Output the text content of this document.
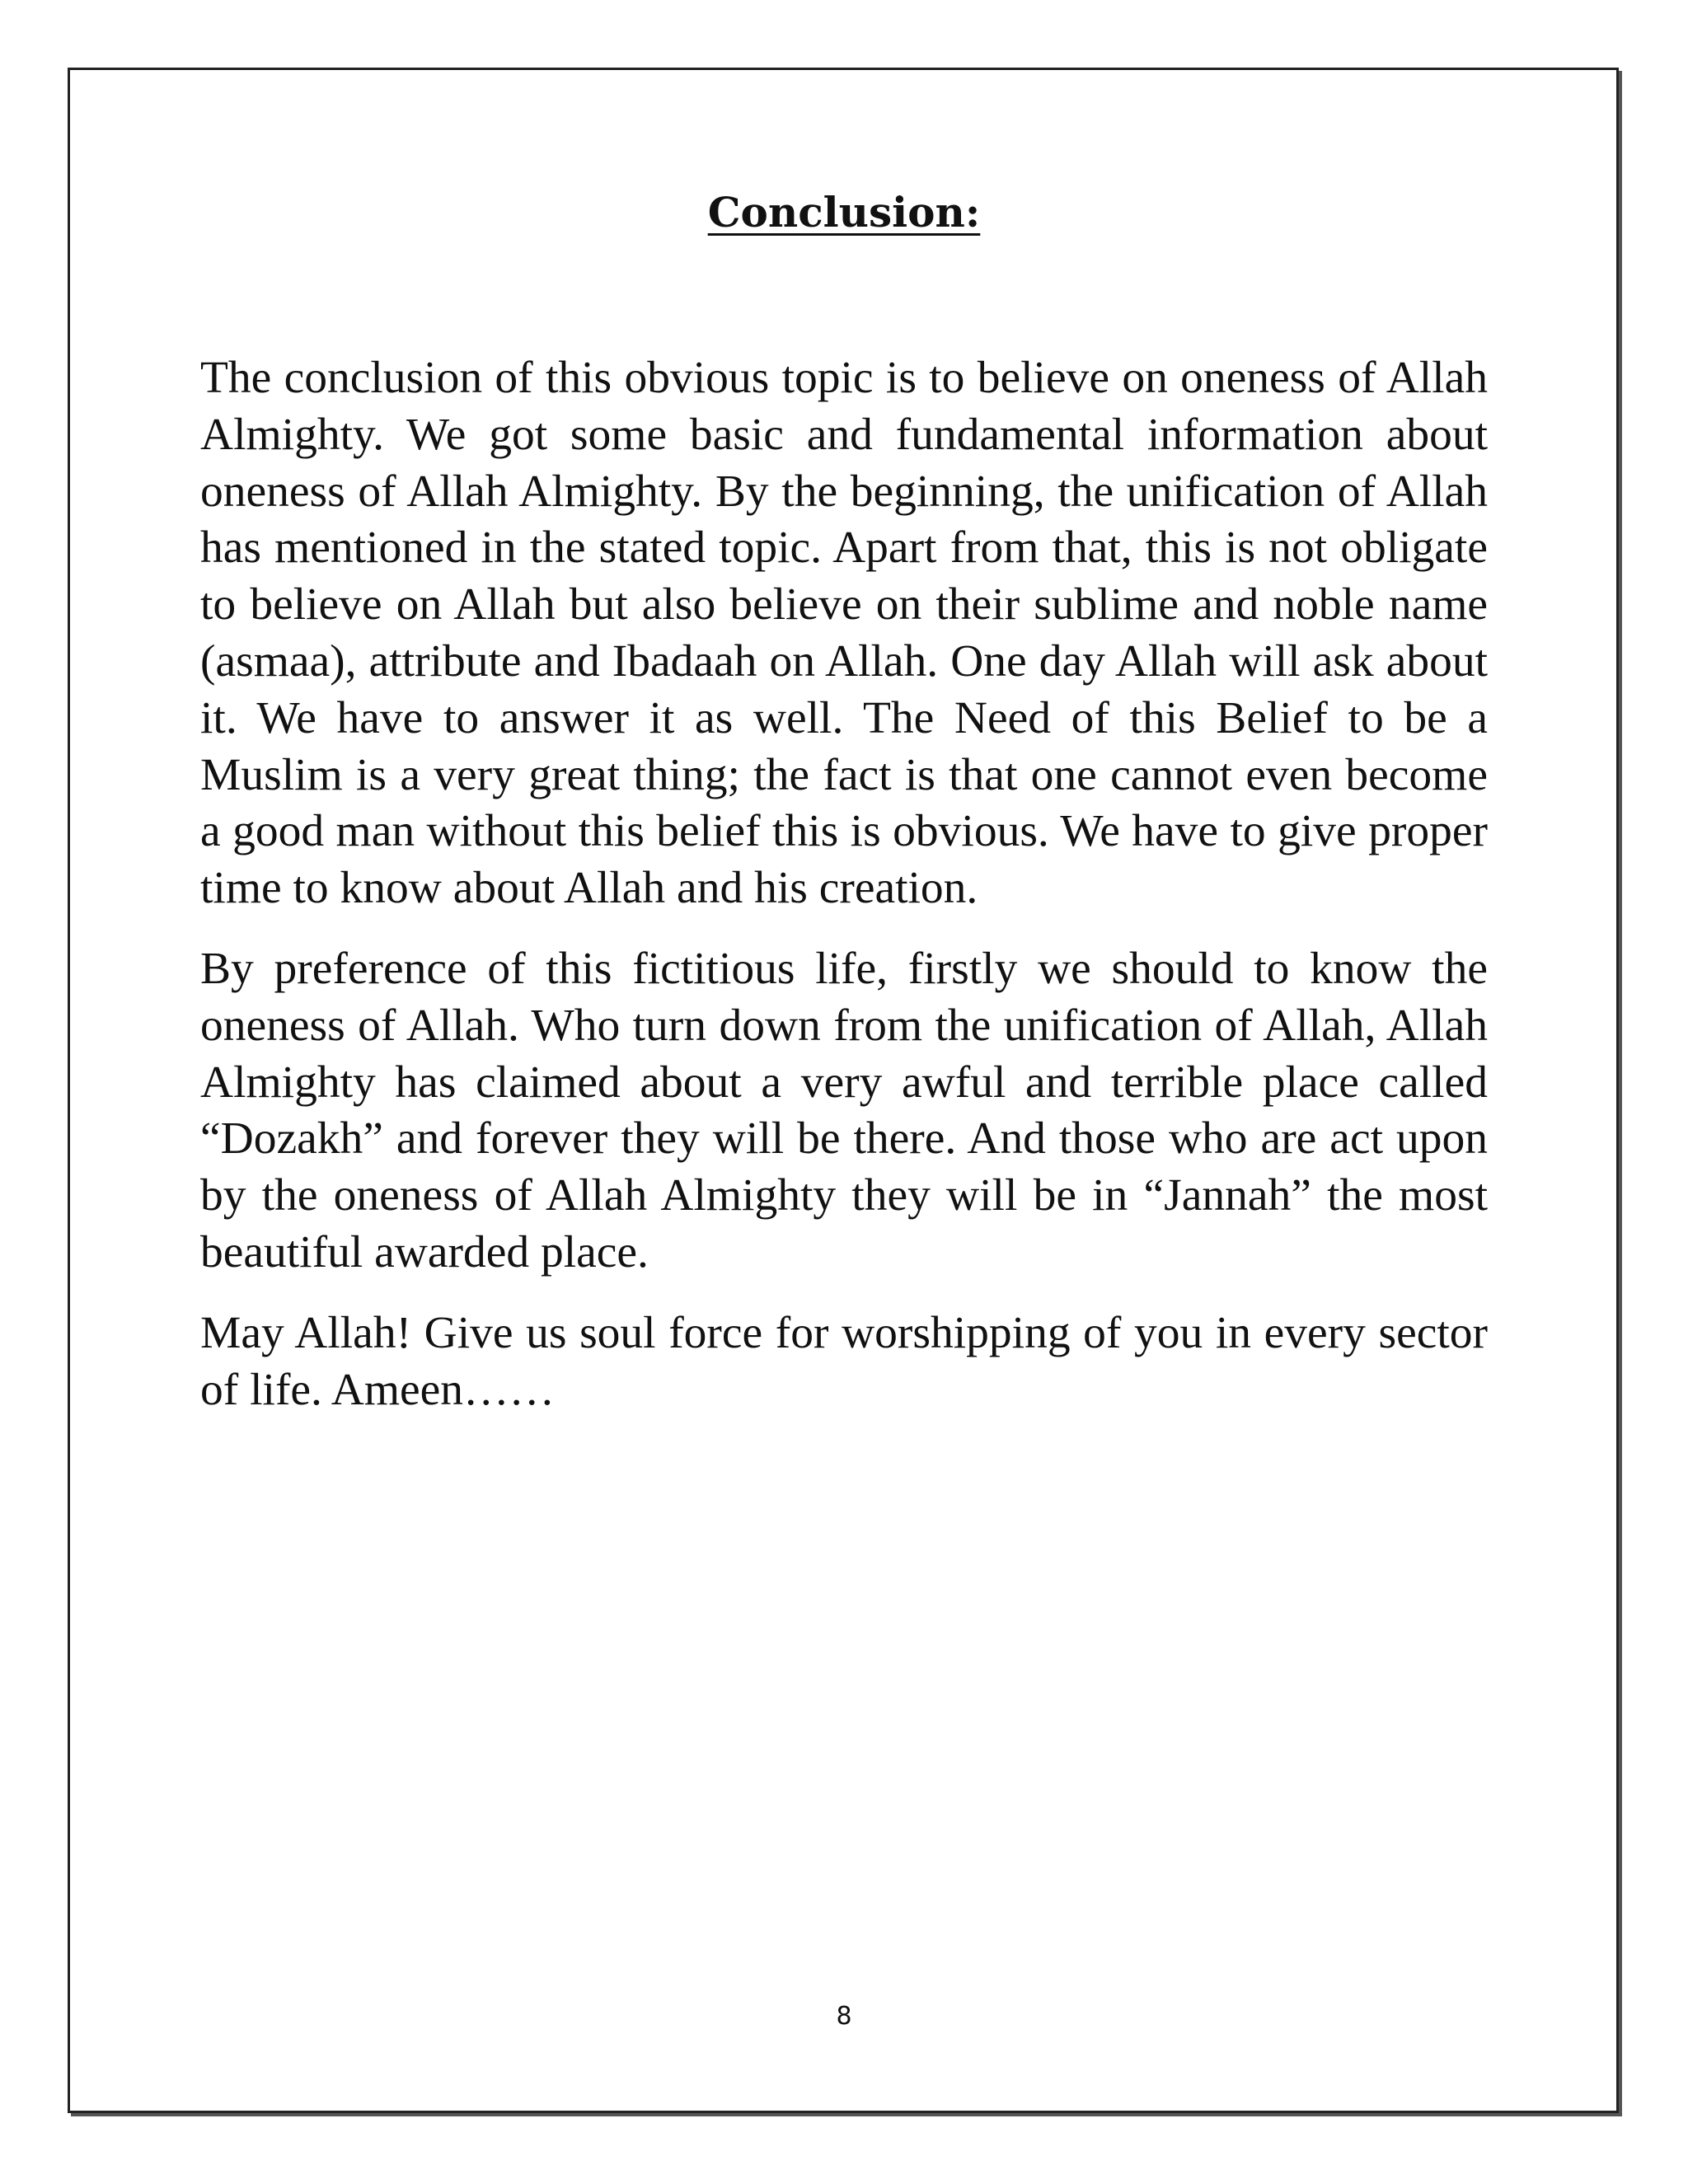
Conclusion:

The conclusion of this obvious topic is to believe on oneness of Allah Almighty. We got some basic and fundamental information about oneness of Allah Almighty. By the beginning, the unification of Allah has mentioned in the stated topic. Apart from that, this is not obligate to believe on Allah but also believe on their sublime and noble name (asmaa), attribute and Ibadaah on Allah. One day Allah will ask about it. We have to answer it as well. The Need of this Belief to be a Muslim is a very great thing; the fact is that one cannot even become a good man without this belief this is obvious. We have to give proper time to know about Allah and his creation.

By preference of this fictitious life, firstly we should to know the oneness of Allah. Who turn down from the unification of Allah, Allah Almighty has claimed about a very awful and terrible place called “Dozakh” and forever they will be there. And those who are act upon by the oneness of Allah Almighty they will be in “Jannah” the most beautiful awarded place.

May Allah! Give us soul force for worshipping of you in every sector of life. Ameen……

8
